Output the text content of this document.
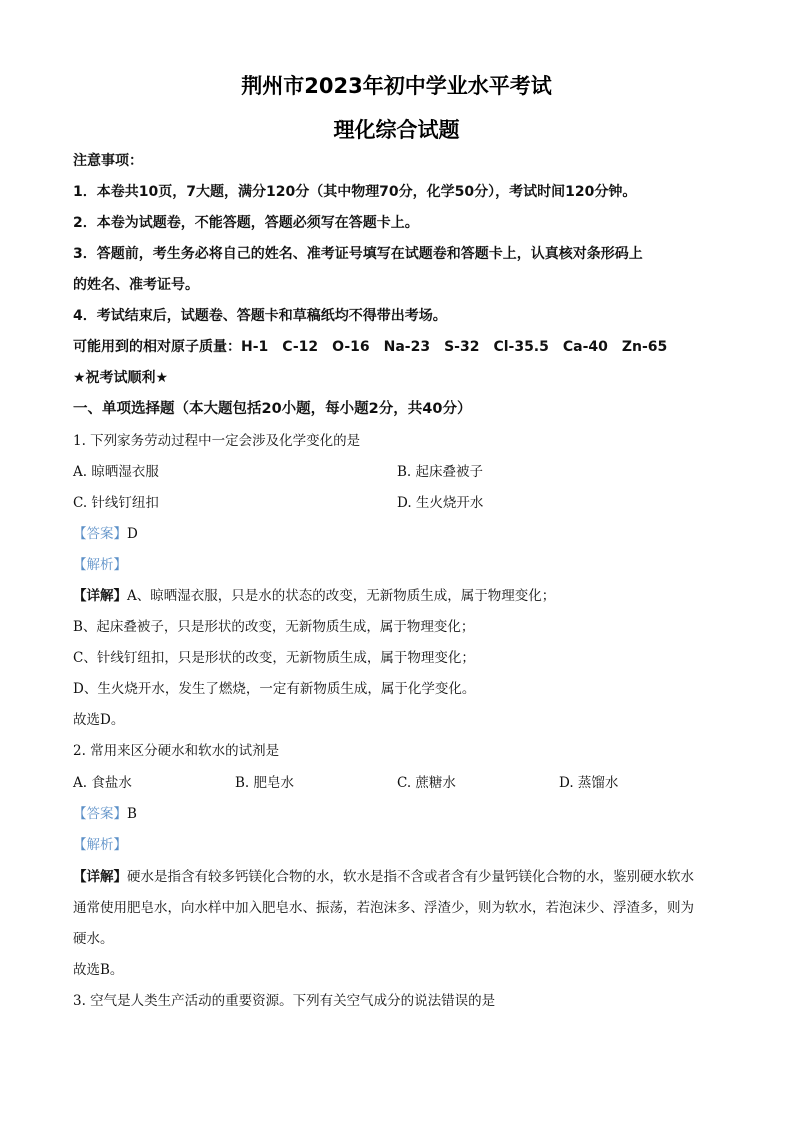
荆州市2023年初中学业水平考试
理化综合试题
注意事项：
1．本卷共10页，7大题，满分120分（其中物理70分，化学50分），考试时间120分钟。
2．本卷为试题卷，不能答题，答题必须写在答题卡上。
3．答题前，考生务必将自己的姓名、准考证号填写在试题卷和答题卡上，认真核对条形码上
的姓名、准考证号。
4．考试结束后，试题卷、答题卡和草稿纸均不得带出考场。
可能用到的相对原子质量：H-1　C-12　O-16　Na-23　S-32　Cl-35.5　Ca-40　Zn-65
★祝考试顺利★
一、单项选择题（本大题包括20小题，每小题2分，共40分）
1. 下列家务劳动过程中一定会涉及化学变化的是
A. 晾晒湿衣服	B. 起床叠被子
C. 针线钉纽扣	D. 生火烧开水
【答案】D
【解析】
【详解】A、晾晒湿衣服，只是水的状态的改变，无新物质生成，属于物理变化；
B、起床叠被子，只是形状的改变，无新物质生成，属于物理变化；
C、针线钉纽扣，只是形状的改变，无新物质生成，属于物理变化；
D、生火烧开水，发生了燃烧，一定有新物质生成，属于化学变化。
故选D。
2. 常用来区分硬水和软水的试剂是
A. 食盐水	B. 肥皂水	C. 蔗糖水	D. 蒸馏水
【答案】B
【解析】
【详解】硬水是指含有较多钙镁化合物的水，软水是指不含或者含有少量钙镁化合物的水，鉴别硬水软水
通常使用肥皂水，向水样中加入肥皂水、振荡，若泡沫多、浮渣少，则为软水，若泡沫少、浮渣多，则为
硬水。
故选B。
3. 空气是人类生产活动的重要资源。下列有关空气成分的说法错误的是
